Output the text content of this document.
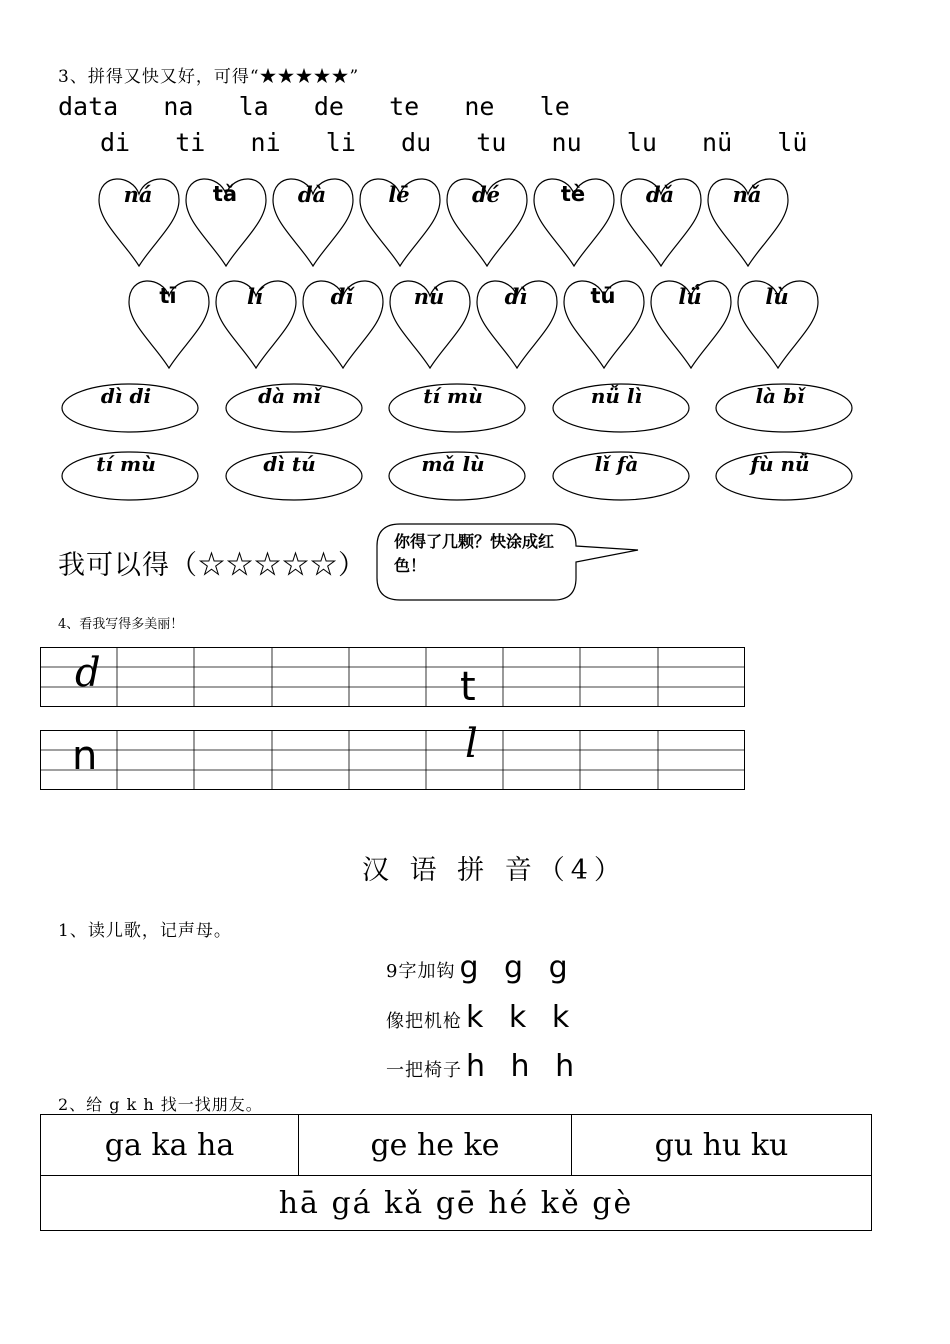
3、拼得又快又好，可得“★★★★★”
data   na   la   de   te   ne   le
di   ti   ni   li   du   tu   nu   lu   nü   lü
ná	tǎ	dà	lē	dé	tè	dǎ	nǎ
tī	lí	dǐ	nù	dì	tū	lǘ	lù
dì di	dà mǐ	tí mù	nǚ lì	là bǐ
tí mù	dì tú	mǎ lù	lǐ fà	fù nǚ
我可以得（☆☆☆☆☆）
你得了几颗？快涂成红色！
4、看我写得多美丽！
d	t
n	l
汉 语 拼 音（4）
1、读儿歌，记声母。
9字加钩 g g g
像把机枪 k k k
一把椅子 h h h
2、给 g k h 找一找朋友。
ga ka ha	ge he ke	gu hu ku
hā gá kǎ gē hé kě gè
